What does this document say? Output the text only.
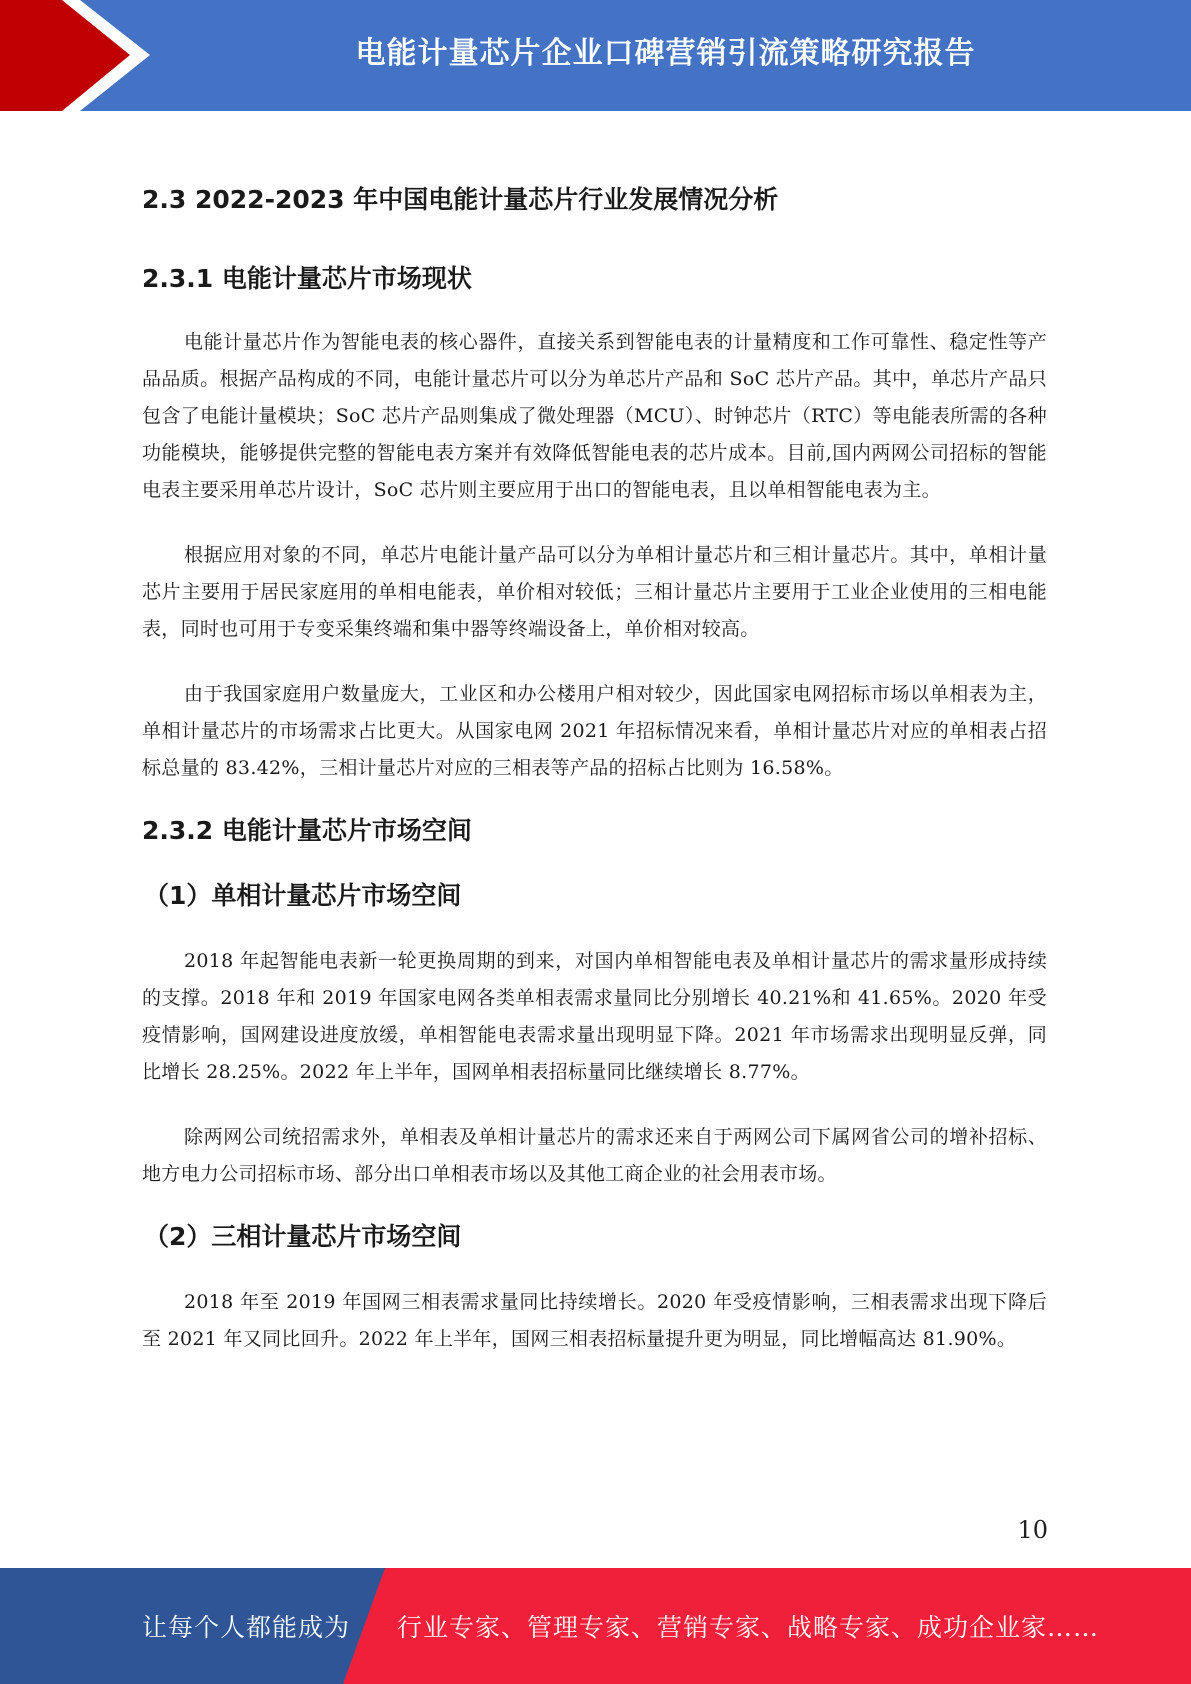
电能计量芯片企业口碑营销引流策略研究报告
2.3 2022-2023 年中国电能计量芯片行业发展情况分析
2.3.1 电能计量芯片市场现状

电能计量芯片作为智能电表的核心器件，直接关系到智能电表的计量精度和工作可靠性、稳定性等产品品质。根据产品构成的不同，电能计量芯片可以分为单芯片产品和 SoC 芯片产品。其中，单芯片产品只包含了电能计量模块；SoC 芯片产品则集成了微处理器（MCU）、时钟芯片（RTC）等电能表所需的各种功能模块，能够提供完整的智能电表方案并有效降低智能电表的芯片成本。目前,国内两网公司招标的智能电表主要采用单芯片设计，SoC 芯片则主要应用于出口的智能电表，且以单相智能电表为主。

根据应用对象的不同，单芯片电能计量产品可以分为单相计量芯片和三相计量芯片。其中，单相计量芯片主要用于居民家庭用的单相电能表，单价相对较低；三相计量芯片主要用于工业企业使用的三相电能表，同时也可用于专变采集终端和集中器等终端设备上，单价相对较高。

由于我国家庭用户数量庞大，工业区和办公楼用户相对较少，因此国家电网招标市场以单相表为主，单相计量芯片的市场需求占比更大。从国家电网 2021 年招标情况来看，单相计量芯片对应的单相表占招标总量的 83.42%，三相计量芯片对应的三相表等产品的招标占比则为 16.58%。

2.3.2 电能计量芯片市场空间
（1）单相计量芯片市场空间

2018 年起智能电表新一轮更换周期的到来，对国内单相智能电表及单相计量芯片的需求量形成持续的支撑。2018 年和 2019 年国家电网各类单相表需求量同比分别增长 40.21%和 41.65%。2020 年受疫情影响，国网建设进度放缓，单相智能电表需求量出现明显下降。2021 年市场需求出现明显反弹，同比增长 28.25%。2022 年上半年，国网单相表招标量同比继续增长 8.77%。

除两网公司统招需求外，单相表及单相计量芯片的需求还来自于两网公司下属网省公司的增补招标、地方电力公司招标市场、部分出口单相表市场以及其他工商企业的社会用表市场。

（2）三相计量芯片市场空间

2018 年至 2019 年国网三相表需求量同比持续增长。2020 年受疫情影响，三相表需求出现下降后至 2021 年又同比回升。2022 年上半年，国网三相表招标量提升更为明显，同比增幅高达 81.90%。

10
让每个人都能成为 行业专家、管理专家、营销专家、战略专家、成功企业家……
